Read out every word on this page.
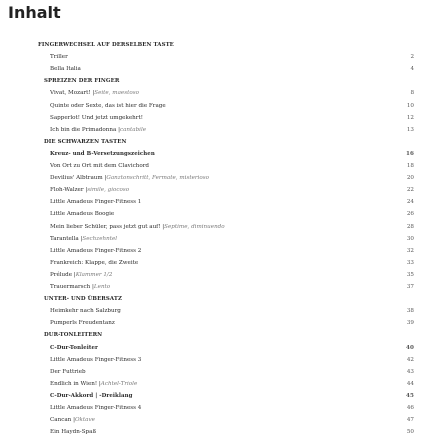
Inhalt
FINGERWECHSEL AUF DERSELBEN TASTE
Triller	2
Bella Italia	4
SPREIZEN DER FINGER
Vivat, Mozart! |Seite, maestoso	8
Quinte oder Sexte, das ist hier die Frage	10
Sapperlot! Und jetzt umgekehrt!	12
Ich bin die Primadonna |cantabile	13
DIE SCHWARZEN TASTEN
Kreuz- und B-Versetzungszeichen	16
Von Ort zu Ort mit dem Clavichord	18
Devilius' Albtraum |Ganztonschritt, Fermate, misterioso	20
Floh-Walzer |simile, giocoso	22
Little Amadeus Finger-Fitness 1	24
Little Amadeus Boogie	26
Mein lieber Schüler, pass jetzt gut auf! |Septime, diminuendo	28
Tarantella |Sechzehntel	30
Little Amadeus Finger-Fitness 2	32
Frankreich: Klappe, die Zweite	33
Prélude |Klammer 1/2	35
Trauermarsch |Lento	37
UNTER- UND ÜBERSATZ
Heimkehr nach Salzburg	38
Pumperls Freudentanz	39
DUR-TONLEITERN
C-Dur-Tonleiter	40
Little Amadeus Finger-Fitness 3	42
Der Futtrieb	43
Endlich in Wien! |Achtel-Triole	44
C-Dur-Akkord | -Dreiklang	45
Little Amadeus Finger-Fitness 4	46
Cancan |Oktave	47
Ein Haydn-Spaß	50
